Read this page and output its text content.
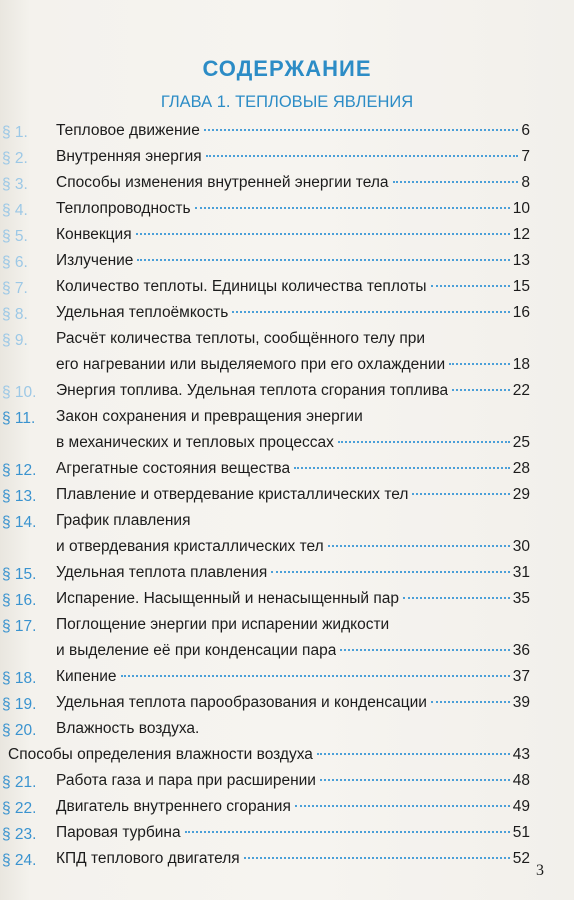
СОДЕРЖАНИЕ
ГЛАВА 1. ТЕПЛОВЫЕ ЯВЛЕНИЯ
§ 1.	Тепловое движение	6
§ 2.	Внутренняя энергия	7
§ 3.	Способы изменения внутренней энергии тела	8
§ 4.	Теплопроводность	10
§ 5.	Конвекция	12
§ 6.	Излучение	13
§ 7.	Количество теплоты. Единицы количества теплоты	15
§ 8.	Удельная теплоёмкость	16
§ 9.	Расчёт количества теплоты, сообщённого телу при
его нагревании или выделяемого при его охлаждении	18
§ 10.	Энергия топлива. Удельная теплота сгорания топлива	22
§ 11.	Закон сохранения и превращения энергии
в механических и тепловых процессах	25
§ 12.	Агрегатные состояния вещества	28
§ 13.	Плавление и отвердевание кристаллических тел	29
§ 14.	График плавления
и отвердевания кристаллических тел	30
§ 15.	Удельная теплота плавления	31
§ 16.	Испарение. Насыщенный и ненасыщенный пар	35
§ 17.	Поглощение энергии при испарении жидкости
и выделение её при конденсации пара	36
§ 18.	Кипение	37
§ 19.	Удельная теплота парообразования и конденсации	39
§ 20.	Влажность воздуха.
Способы определения влажности воздуха	43
§ 21.	Работа газа и пара при расширении	48
§ 22.	Двигатель внутреннего сгорания	49
§ 23.	Паровая турбина	51
§ 24.	КПД теплового двигателя	52
3
